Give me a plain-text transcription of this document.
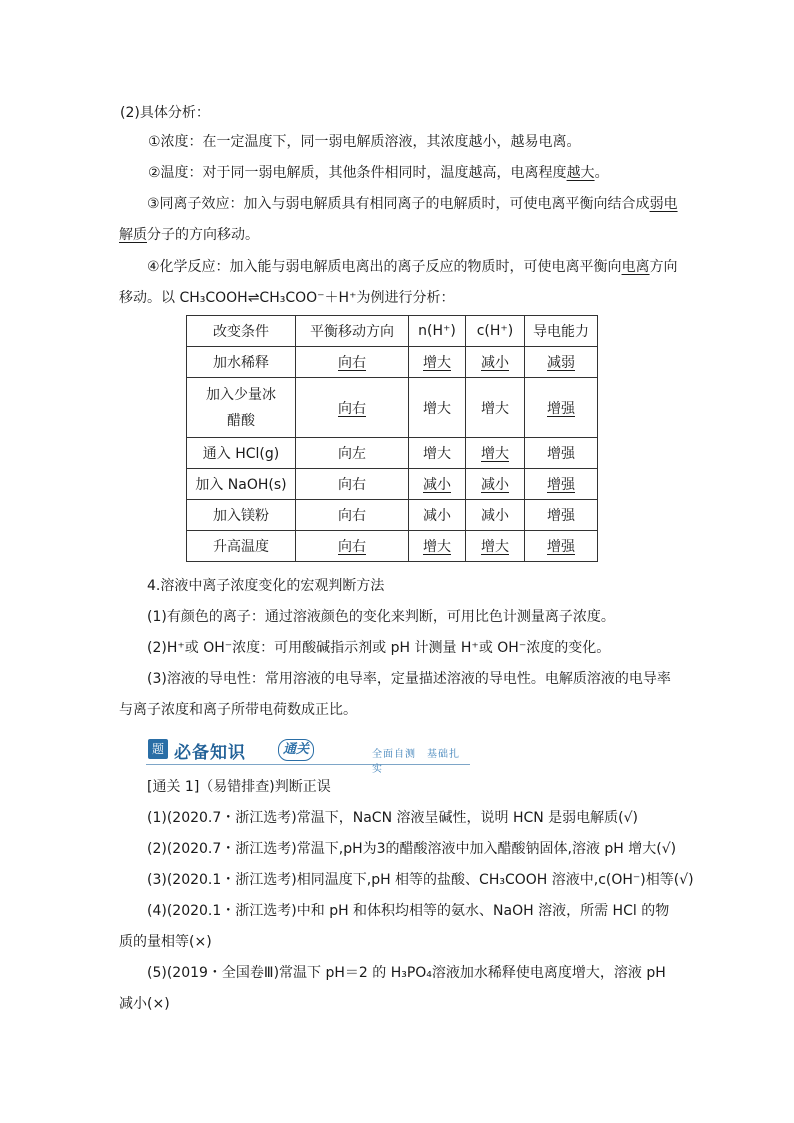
(2)具体分析：
①浓度：在一定温度下，同一弱电解质溶液，其浓度越小，越易电离。
②温度：对于同一弱电解质，其他条件相同时，温度越高，电离程度越大。
③同离子效应：加入与弱电解质具有相同离子的电解质时，可使电离平衡向结合成弱电解质分子的方向移动。
④化学反应：加入能与弱电解质电离出的离子反应的物质时，可使电离平衡向电离方向移动。以 CH₃COOH⇌CH₃COO⁻＋H⁺为例进行分析：
改变条件	平衡移动方向	n(H⁺)	c(H⁺)	导电能力
加水稀释	向右	增大	减小	减弱

加入少量冰醋酸	向右	增大	增大	增强
通入 HCl(g)	向左	增大	增大	增强
加入 NaOH(s)	向右	减小	减小	增强
加入镁粉	向右	减小	减小	增强
升高温度	向右	增大	增大	增强
4.溶液中离子浓度变化的宏观判断方法
(1)有颜色的离子：通过溶液颜色的变化来判断，可用比色计测量离子浓度。
(2)H⁺或 OH⁻浓度：可用酸碱指示剂或 pH 计测量 H⁺或 OH⁻浓度的变化。
(3)溶液的导电性：常用溶液的电导率，定量描述溶液的导电性。电解质溶液的电导率与离子浓度和离子所带电荷数成正比。
题 必备知识	通关	全面自测　基础扎实
[通关 1]（易错排查)判断正误
(1)(2020.7・浙江选考)常温下，NaCN 溶液呈碱性，说明 HCN 是弱电解质(√)
(2)(2020.7・浙江选考)常温下,pH为3的醋酸溶液中加入醋酸钠固体,溶液 pH 增大(√)
(3)(2020.1・浙江选考)相同温度下,pH 相等的盐酸、CH₃COOH 溶液中,c(OH⁻)相等(√)
(4)(2020.1・浙江选考)中和 pH 和体积均相等的氨水、NaOH 溶液，所需 HCl 的物质的量相等(×)
(5)(2019・全国卷Ⅲ)常温下 pH＝2 的 H₃PO₄溶液加水稀释使电离度增大，溶液 pH 减小(×)
